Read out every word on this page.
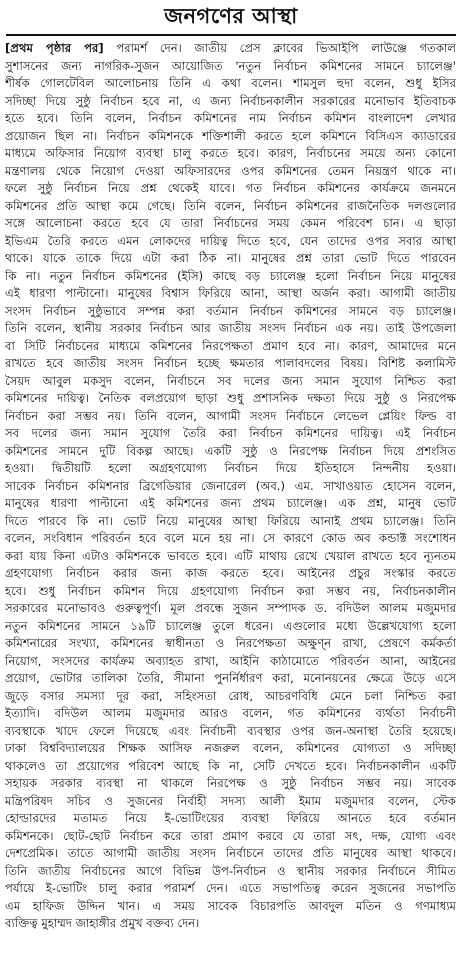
জনগণের আস্থা
[প্রথম পৃষ্ঠার পর] পরামর্শ দেন। জাতীয় প্রেস ক্লাবের ভিআইপি লাউঞ্জে গতকাল
সুশাসনের জন্য নাগরিক-সুজন আয়োজিত 'নতুন নির্বাচন কমিশনের সামনে চ্যালেঞ্জ'
শীর্ষক গোলটেবিল আলোচনায় তিনি এ কথা বলেন। শামসুল হুদা বলেন, শুধু ইসির
সদিচ্ছা দিয়ে সুষ্ঠু নির্বাচন হবে না, এ জন্য নির্বাচনকালীন সরকারের মনোভাব ইতিবাচক
হতে হবে। তিনি বলেন, নির্বাচন কমিশনের নাম নির্বাচন কমিশন বাংলাদেশ লেখার
প্রয়োজন ছিল না। নির্বাচন কমিশনকে শক্তিশালী করতে হলে কমিশনে বিসিএস ক্যাডারের
মাধ্যমে অফিসার নিয়োগ ব্যবস্থা চালু করতে হবে। কারণ, নির্বাচনের সময়ে অন্য কোনো
মন্ত্রণালয় থেকে নিয়োগ দেওয়া অফিসারদের ওপর কমিশনের তেমন নিয়ন্ত্রণ থাকে না।
ফলে সুষ্ঠু নির্বাচন নিয়ে প্রশ্ন থেকেই যাবে। গত নির্বাচন কমিশনের কার্যক্রমে জনমনে
কমিশনের প্রতি আস্থা কমে গেছে। তিনি বলেন, নির্বাচন কমিশনের রাজনৈতিক দলগুলোর
সঙ্গে আলোচনা করতে হবে যে তারা নির্বাচনের সময় কেমন পরিবেশ চান। এ ছাড়া
ইভিএম তৈরি করতে এমন লোকদের দায়িত্ব দিতে হবে, যেন তাদের ওপর সবার আস্থা
থাকে। যাকে তাকে দিয়ে এটা করা ঠিক না। মানুষের প্রশ্ন তারা ভোট দিতে পারবেন
কি না। নতুন নির্বাচন কমিশনের (ইসি) কাছে বড় চ্যালেঞ্জ হলো নির্বাচন নিয়ে মানুষের
এই ধারণা পাল্টানো। মানুষের বিশ্বাস ফিরিয়ে আনা, আস্থা অর্জন করা। আগামী জাতীয়
সংসদ নির্বাচন সুষ্ঠুভাবে সম্পন্ন করা বর্তমান নির্বাচন কমিশনের সামনে বড় চ্যালেঞ্জ।
তিনি বলেন, স্থানীয় সরকার নির্বাচন আর জাতীয় সংসদ নির্বাচন এক নয়। তাই উপজেলা
বা সিটি নির্বাচনের মাধ্যমে কমিশনের নিরপেক্ষতা প্রমাণ হবে না। কারণ, আমাদের মনে
রাখতে হবে জাতীয় সংসদ নির্বাচন হচ্ছে ক্ষমতার পালাবদলের বিষয়। বিশিষ্ট কলামিস্ট
সৈয়দ আবুল মকসুদ বলেন, নির্বাচনে সব দলের জন্য সমান সুযোগ নিশ্চিত করা
কমিশনের দায়িত্ব। নৈতিক বলপ্রয়োগ ছাড়া শুধু প্রশাসনিক দক্ষতা দিয়ে সুষ্ঠু ও নিরপেক্ষ
নির্বাচন করা সম্ভব নয়। তিনি বলেন, আগামী সংসদ নির্বাচনে লেভেল প্লেয়িং ফিল্ড বা
সব দলের জন্য সমান সুযোগ তৈরি করা নির্বাচন কমিশনের দায়িত্ব। এই নির্বাচন
কমিশনের সামনে দুটি বিকল্প আছে। একটি সুষ্ঠু ও নিরপেক্ষ নির্বাচন দিয়ে প্রশংসিত
হওয়া। দ্বিতীয়টি হলো অগ্রহণযোগ্য নির্বাচন দিয়ে ইতিহাসে নিন্দনীয় হওয়া।
সাবেক নির্বাচন কমিশনার ব্রিগেডিয়ার জেনারেল (অব.) এম. সাখাওয়াত হোসেন বলেন,
মানুষের ধারণা পাল্টানো এই কমিশনের জন্য প্রথম চ্যালেঞ্জ। এক প্রশ্ন, মানুষ ভোট
দিতে পারবে কি না। ভোট নিয়ে মানুষের আস্থা ফিরিয়ে আনাই প্রথম চ্যালেঞ্জ। তিনি
বলেন, সংবিধান পরিবর্তন হবে বলে মনে হয় না। সে কারণে কোড অব কন্ডাক্ট সংশোধন
করা যায় কিনা এটাও কমিশনকে ভাবতে হবে। এটি মাথায় রেখে খেয়াল রাখতে হবে ন্যূনতম
গ্রহণযোগ্য নির্বাচন করার জন্য কাজ করতে হবে। আইনের প্রচুর সংস্কার করতে
হবে। শুধু নির্বাচন কমিশন দিয়ে গ্রহণযোগ্য নির্বাচন করা সম্ভব নয়, নির্বাচনকালীন
সরকারের মনোভাবও গুরুত্বপূর্ণ। মূল প্রবন্ধে সুজন সম্পাদক ড. বদিউল আলম মজুমদার
নতুন কমিশনের সামনে ১৯টি চ্যালেঞ্জ তুলে ধরেন। এগুলোর মধ্যে উল্লেখযোগ্য হলো
কমিশনারের সংখ্যা, কমিশনের স্বাধীনতা ও নিরপেক্ষতা অক্ষুণ্ন রাখা, প্রেষণে কর্মকর্তা
নিয়োগ, সংসদের কার্যক্রম অব্যাহত রাখা, আইনি কাঠামোতে পরিবর্তন আনা, আইনের
প্রয়োগ, ভোটার তালিকা তৈরি, সীমানা পুনর্নির্ধারণ করা, মনোনয়নের ক্ষেত্রে উড়ে এসে
জুড়ে বসার সমস্যা দূর করা, সহিংসতা রোধ, আচরণবিধি মেনে চলা নিশ্চিত করা
ইত্যাদি। বদিউল আলম মজুমদার আরও বলেন, গত কমিশনের ব্যর্থতা নির্বাচনী
ব্যবস্থাকে খাদে ফেলে দিয়েছে এবং নির্বাচনী ব্যবস্থার ওপর জন-অনাস্থা তৈরি হয়েছে।
ঢাকা বিশ্ববিদ্যালয়ের শিক্ষক আসিফ নজরুল বলেন, কমিশনের যোগ্যতা ও সদিচ্ছা
থাকলেও তা প্রয়োগের পরিবেশ আছে কি না, সেটি দেখতে হবে। নির্বাচনকালীন একটি
সহায়ক সরকার ব্যবস্থা না থাকলে নিরপেক্ষ ও সুষ্ঠু নির্বাচন সম্ভব নয়। সাবেক
মন্ত্রিপরিষদ সচিব ও সুজনের নির্বাহী সদস্য আলী ইমাম মজুমদার বলেন, স্টেক
হোল্ডারদের মতামত নিয়ে ই-ভোটিংয়ের ব্যবস্থা ফিরিয়ে আনতে হবে বর্তমান
কমিশনকে। ছোট-ছোট নির্বাচন করে তারা প্রমাণ করবে যে তারা সৎ, দক্ষ, যোগ্য এবং
দেশপ্রেমিক। তাতে আগামী জাতীয় সংসদ নির্বাচনে তাদের প্রতি মানুষের আস্থা থাকবে।
তিনি জাতীয় নির্বাচনের আগে বিভিন্ন উপ-নির্বাচন ও স্থানীয় সরকার নির্বাচনে সীমিত
পর্যায়ে ই-ভোটিং চালু করার পরামর্শ দেন। এতে সভাপতিত্ব করেন সুজনের সভাপতি
এম হাফিজ উদ্দিন খান। এ সময় সাবেক বিচারপতি আবদুল মতিন ও গণমাধ্যম
ব্যক্তিত্ব মুহাম্মদ জাহাঙ্গীর প্রমুখ বক্তব্য দেন।
